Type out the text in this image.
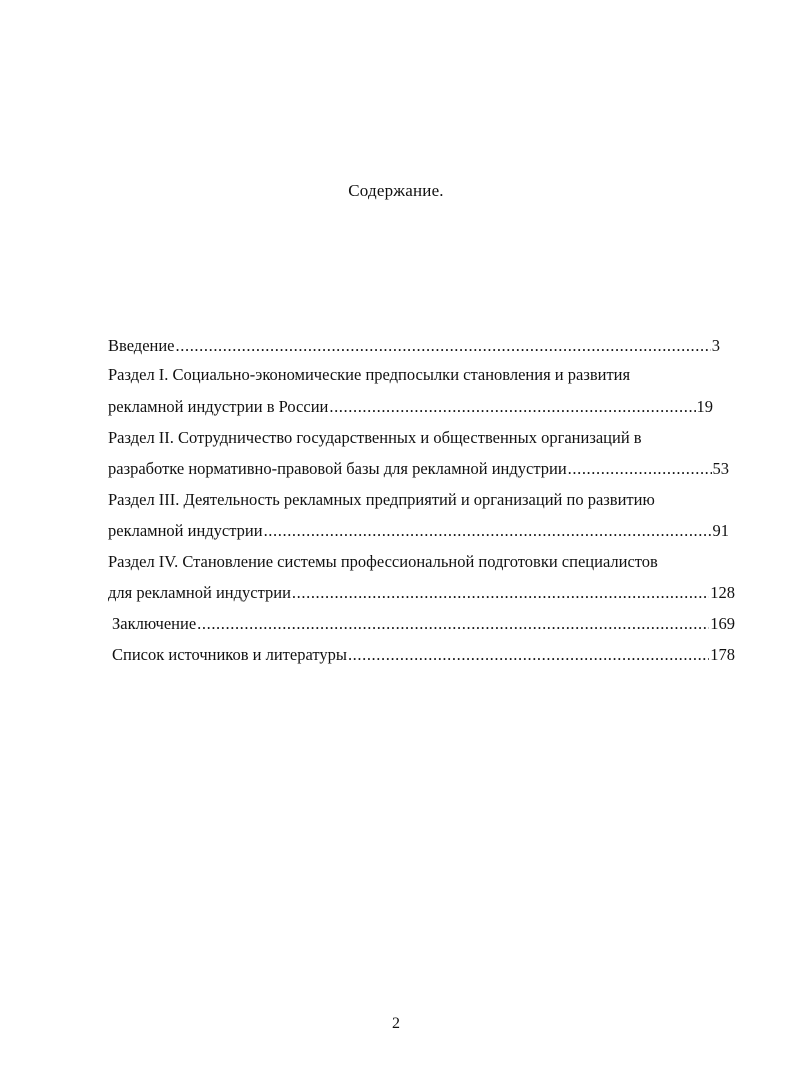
Содержание.
Введение .....	3
Раздел I. Социально-экономические предпосылки становления и развития
рекламной индустрии в России .....	19
Раздел II. Сотрудничество государственных и общественных организаций в
разработке нормативно-правовой базы для рекламной индустрии .....	53
Раздел III. Деятельность рекламных предприятий и организаций по развитию
рекламной индустрии .....	91
Раздел IV. Становление системы профессиональной подготовки специалистов
для рекламной индустрии .....	128
Заключение .....	169
Список источников и литературы .....	178
2
